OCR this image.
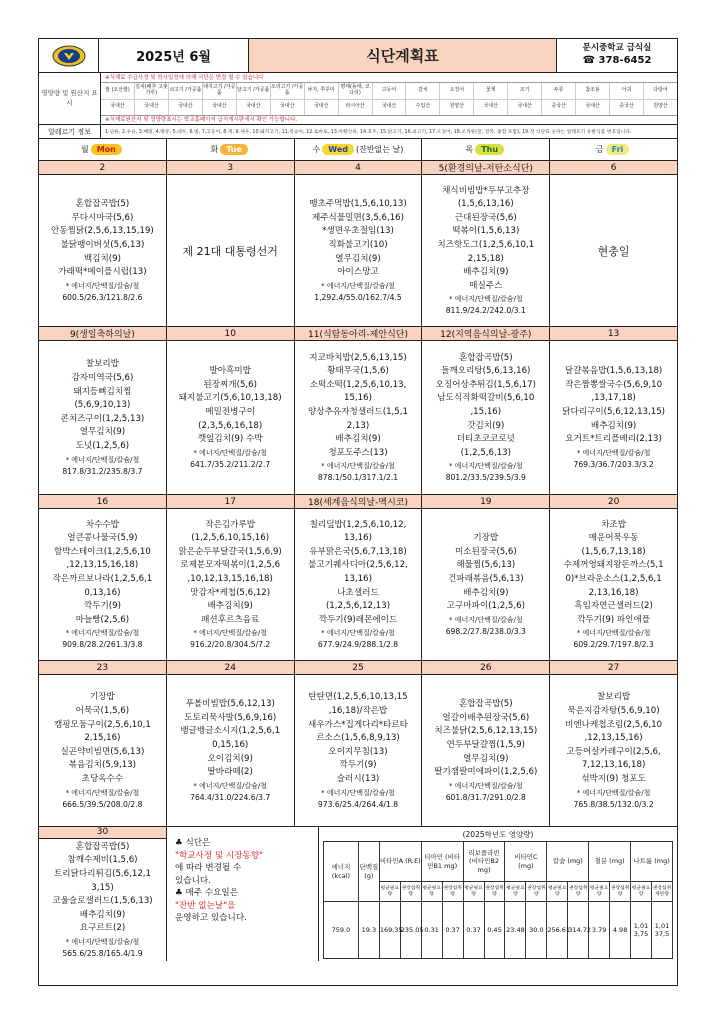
2025년 6월	식단계획표	문시중학교 급식실
☎ 378-6452
영양량 및 원산지 표시
※식재료 수급사정 및 학사일정에 의해 식단은 변경 될 수 있습니다
쌀 (오산쌀)
국내산
김치(배추 고춧가루)
국내산
쇠고기 /가공품
국내산
돼지고기 /가공품
국내산
닭고기 /가공품
국내산
오리고기 /가공품
국내산
낙지, 쭈꾸미
국내산
명태(동태, 코다리)
러시아산
고등어
국내산
갈치
수입산
오징어
원양산
꽃게
국내산
조기
국내산
두류
중국산
참조용
국내산
아귀
중국산
다랑어
원양산
※식재료원산지 및 영양량표시는 학교홈페이지 급식게시판에서 확인 가능합니다.
알레르기 정보	1.난류, 2.우유, 3.메밀, 4.땅콩, 5.대두, 6.밀, 7.고등어, 8.게, 9.새우, 10.돼지고기, 11.복숭아, 12.토마토, 13.아황산류, 14.호두, 15.닭고기, 16.쇠고기, 17.오징어, 18.조개류(굴, 전복, 홍합 포함), 19.잣 식단표 숫자는 알레르기 유발식품 번호입니다.
월	Mon	화	Tue	수	Wed	(잔반없는 날)	목	Thu	금	Fri
2
혼합잡곡밥(5)
무다시마국(5,6)
안동찜닭(2,5,6,13,15,19)
불닭팽이버섯(5,6,13)
백김치(9)
가래떡*메이플시럽(13)
* 에너지/단백질/칼슘/철
600.5/26.3/121.8/2.6
3
제 21대 대통령선거
4
땡초주먹밥(1,5,6,10,13)
제주식물밀면(3,5,6,16)
*생면우초절임(13)
직화불고기(10)
열무김치(9)
아이스망고
* 에너지/단백질/칼슘/철
1,292.4/55.0/162.7/4.5
5(환경의날-저탄소식단)
채식비빔밥*두부고추장
(1,5,6,13,16)
근대된장국(5,6)
떡볶이(1,5,6,13)
치즈핫도그(1,2,5,6,10,1
2,15,18)
배추김치(9)
매실주스
* 에너지/단백질/칼슘/철
811.9/24.2/242.0/3.1
6
현충일
9(생일축하의날)
찰보리밥
감자미역국(5,6)
돼지등뼈김치찜
(5,6,9,10,13)
콘치즈구이(1,2,5,13)
열무김치(9)
도넛(1,2,5,6)
* 에너지/단백질/칼슘/철
817.8/31.2/235.8/3.7
10
발아흑미밥
된장찌개(5,6)
돼지불고기(5,6,10,13,18)
메밀전병구이
(2,3,5,6,16,18)
깻잎김치(9) 수박
* 에너지/단백질/칼슘/철
641.7/35.2/211.2/2.7
11(식탐동아리-제안식단)
지코바치밥(2,5,6,13,15)
황태무국(1,5,6)
소떡소떡(1,2,5,6,10,13,
15,16)
양상추유자청샐러드(1,5,1
2,13)
배추김치(9)
청포도주스(13)
* 에너지/단백질/칼슘/철
878.1/50.1/317.1/2.1
12(지역음식의날-광주)
혼합잡곡밥(5)
들깨오리탕(5,6,13,16)
오징어상추튀김(1,5,6,17)
남도식직화떡갈비(5,6,10
,15,16)
갓김치(9)
더티초코코로넛
(1,2,5,6,13)
* 에너지/단백질/칼슘/철
801.2/33.5/239.5/3.9
13
달걀볶음밥(1,5,6,13,18)
작은짬뽕쌀국수(5,6,9,10
,13,17,18)
닭다리구이(5,6,12,13,15)
배추김치(9)
요거트*트리플베리(2,13)
* 에너지/단백질/칼슘/철
769.3/36.7/203.3/3.2
16
차수수밥
얼큰콩나물국(5,9)
함박스테이크(1,2,5,6,10
,12,13,15,16,18)
작은까르보나라(1,2,5,6,1
0,13,16)
깍두기(9)
마늘빵(2,5,6)
* 에너지/단백질/칼슘/철
909.8/28.2/261.3/3.8
17
작은김가루밥
(1,2,5,6,10,15,16)
맑은순두부달걀국(1,5,6,9)
로제분모자떡볶이(1,2,5,6
,10,12,13,15,16,18)
맛감자*케첩(5,6,12)
배추김치(9)
패션후르츠음료
* 에너지/단백질/칼슘/철
916.2/20.8/304.5/7.2
18(세계음식의날-멕시코)
칠리덮밥(1,2,5,6,10,12,
13,16)
유부맑은국(5,6,7,13,18)
불고기퀘사디아(2,5,6,12,
13,16)
나초샐러드
(1,2,5,6,12,13)
깍두기(9)레몬에이드
* 에너지/단백질/칼슘/철
677.9/24.9/288.1/2.8
19
기장밥
미소된장국(5,6)
해물찜(5,6,13)
건파래볶음(5,6,13)
배추김치(9)
고구마파이(1,2,5,6)
* 에너지/단백질/칼슘/철
698.2/27.8/238.0/3.3
20
차조밥
매운어묵우동
(1,5,6,7,13,18)
수제꺼엉돼지왕돈까스(5,1
0)*브라운소스(1,2,5,6,1
2,13,16,18)
흑임자연근샐러드(2)
깍두기(9) 파인애플
* 에너지/단백질/칼슘/철
609.2/29.7/197.8/2.3
23
기장밥
어묵국(1,5,6)
캠핑모둠구이(2,5,6,10,1
2,15,16)
실곤약비빔면(5,6,13)
볶음김치(5,9,13)
초당옥수수
* 에너지/단백질/칼슘/철
666.5/39.5/208.0/2.8
24
푸볼비빔밥(5,6,12,13)
도토리묵사발(5,6,9,16)
뱅글뱅글소시지(1,2,5,6,1
0,15,16)
오이김치(9)
딸바라떼(2)
* 에너지/단백질/칼슘/철
764.4/31.0/224.6/3.7
25
탄탄면(1,2,5,6,10,13,15
,16,18)/작은밥
새우가스*집게다리*타르타
르소스(1,5,6,8,9,13)
오이지무침(13)
깍두기(9)
슬러시(13)
* 에너지/단백질/칼슘/철
973.6/25.4/264.4/1.8
26
혼합잡곡밥(5)
얼갈이배추된장국(5,6)
치즈불닭(2,5,6,12,13,15)
연두부달걀찜(1,5,9)
열무김치(9)
딸기잼팔미에파이(1,2,5,6)
* 에너지/단백질/칼슘/철
601.8/31.7/291.0/2.8
27
찰보리밥
묵은지감자탕(5,6,9,10)
비엔나케첩조림(2,5,6,10
,12,13,15,16)
고등어살카레구이(2,5,6,
7,12,13,16,18)
섞박지(9) 청포도
* 에너지/단백질/칼슘/철
765.8/38.5/132.0/3.2
30
혼합잡곡밥(5)
참깨수제비(1,5,6)
트리닭다리튀김(5,6,12,1
3,15)
코울슬로샐러드(1,5,6,13)
배추김치(9)
요구르트(2)
* 에너지/단백질/칼슘/철
565.6/25.8/165.4/1.9
♣ 식단은
"학교사정 및 시장동향"
에 따라 변경될 수
있습니다.
♣ 매주 수요일은
"잔반 없는날"을
운영하고 있습니다.
(2025학년도 영양량)
에너지 (kcal)	단백질 (g)	비타민A (R.E)		티아민 (비타민B1 mg)		리보플라빈 (비타민B2 mg)		비타민C (mg)		칼슘 (mg)		철분 (mg)		나트륨 (mg)	
		평균필요량	권장섭취량	평균필요량	권장섭취량	평균필요량	권장섭취량	평균필요량	권장섭취량	평균필요량	권장섭취량	평균필요량	권장섭취량	평균필요량	권장섭취제한량
759.0	19.3	169.35	235.05	0.31	0.37	0.37	0.45	23.48	30.0	256.61	314.72	3.79	4.98	1,01 3,75	1,01 37,5
